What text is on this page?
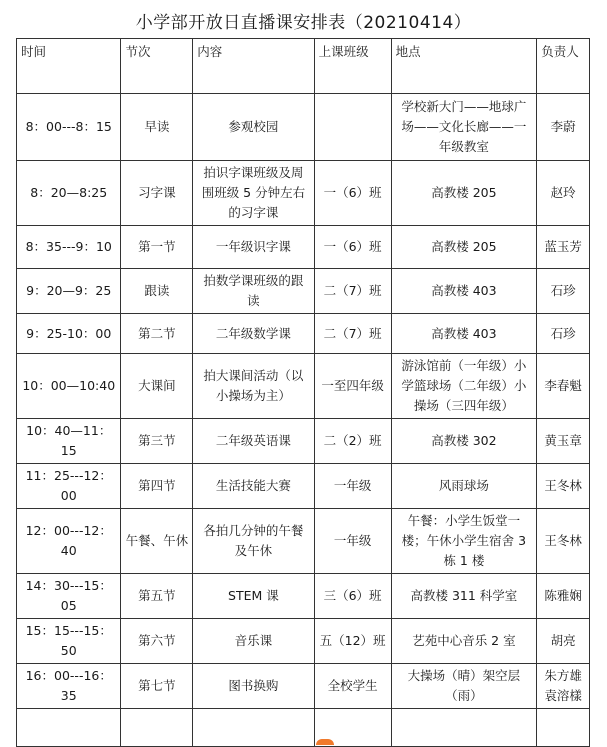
小学部开放日直播课安排表（20210414）
时间	节次	内容	上课班级	地点	负责人
8：00---8：15	早读	参观校园		学校新大门——地球广场——文化长廊——一年级教室	李蔚
8：20—8:25	习字课	拍识字课班级及周围班级 5 分钟左右的习字课	一（6）班	高教楼 205	赵玲
8：35---9：10	第一节	一年级识字课	一（6）班	高教楼 205	蓝玉芳
9：20—9：25	跟读	拍数学课班级的跟读	二（7）班	高教楼 403	石珍
9：25-10：00	第二节	二年级数学课	二（7）班	高教楼 403	石珍
10：00—10:40	大课间	拍大课间活动（以小操场为主）	一至四年级	游泳馆前（一年级）小学篮球场（二年级）小操场（三四年级）	李春魁
10：40—11：15	第三节	二年级英语课	二（2）班	高教楼 302	黄玉章
11：25---12：00	第四节	生活技能大赛	一年级	风雨球场	王冬林
12：00---12：40	午餐、午休	各拍几分钟的午餐及午休	一年级	午餐：小学生饭堂一楼；午休小学生宿舍 3 栋 1 楼	王冬林
14：30---15：05	第五节	STEM 课	三（6）班	高教楼 311 科学室	陈雅娴
15：15---15：50	第六节	音乐课	五（12）班	艺苑中心音乐 2 室	胡亮
16：00---16：35	第七节	图书换购	全校学生	大操场（晴）架空层（雨）	朱方雄 袁溶樣
